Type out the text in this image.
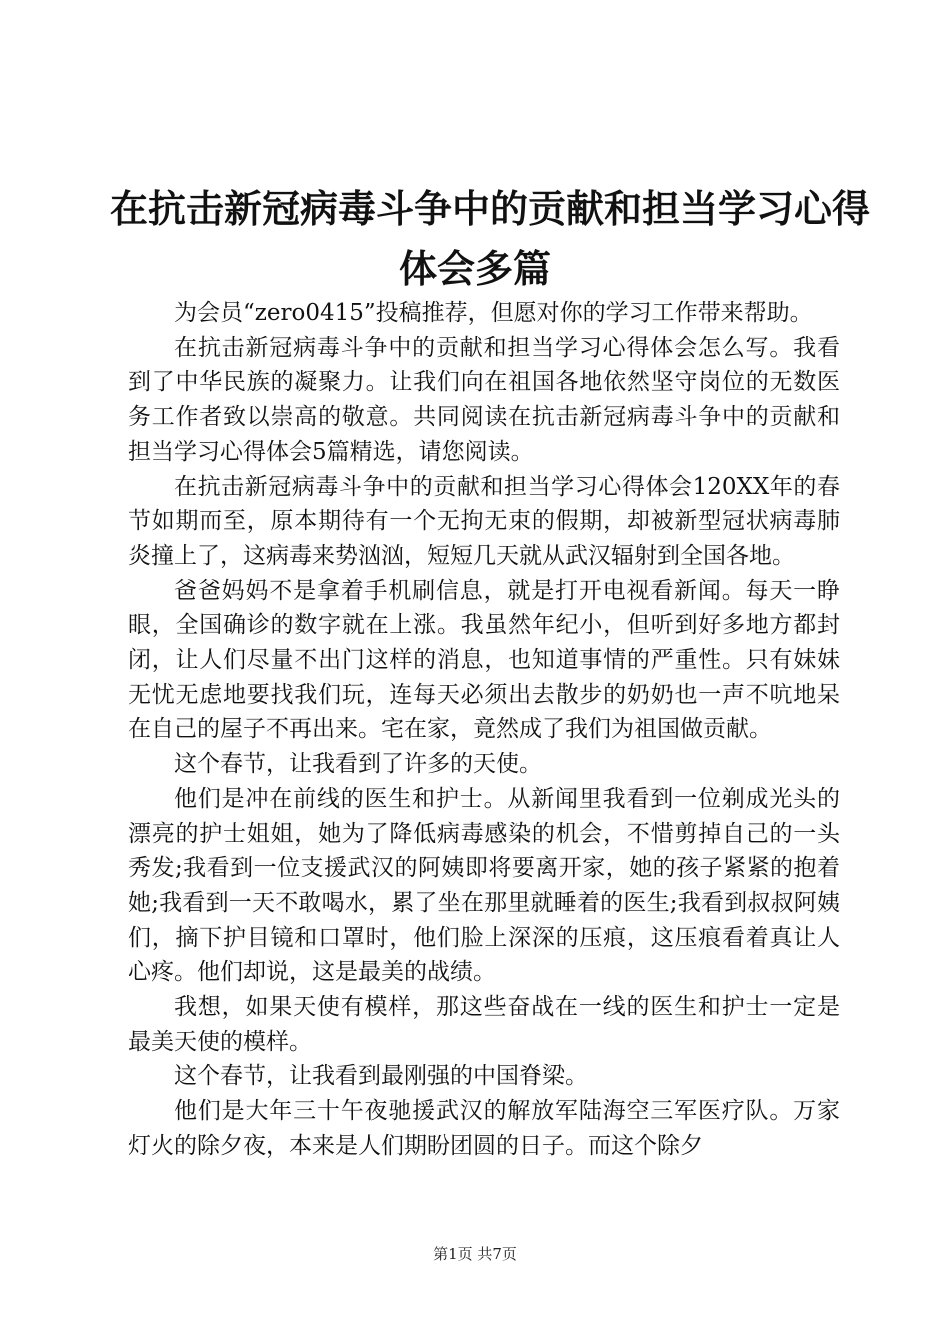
在抗击新冠病毒斗争中的贡献和担当学习心得
体会多篇

为会员“zero0415”投稿推荐，但愿对你的学习工作带来帮助。

在抗击新冠病毒斗争中的贡献和担当学习心得体会怎么写。我看到了中华民族的凝聚力。让我们向在祖国各地依然坚守岗位的无数医务工作者致以崇高的敬意。共同阅读在抗击新冠病毒斗争中的贡献和担当学习心得体会5篇精选，请您阅读。

在抗击新冠病毒斗争中的贡献和担当学习心得体会120XX年的春节如期而至，原本期待有一个无拘无束的假期，却被新型冠状病毒肺炎撞上了，这病毒来势汹汹，短短几天就从武汉辐射到全国各地。

爸爸妈妈不是拿着手机刷信息，就是打开电视看新闻。每天一睁眼，全国确诊的数字就在上涨。我虽然年纪小，但听到好多地方都封闭，让人们尽量不出门这样的消息，也知道事情的严重性。只有妹妹无忧无虑地要找我们玩，连每天必须出去散步的奶奶也一声不吭地呆在自己的屋子不再出来。宅在家，竟然成了我们为祖国做贡献。

这个春节，让我看到了许多的天使。

他们是冲在前线的医生和护士。从新闻里我看到一位剃成光头的漂亮的护士姐姐，她为了降低病毒感染的机会，不惜剪掉自己的一头秀发;我看到一位支援武汉的阿姨即将要离开家，她的孩子紧紧的抱着她;我看到一天不敢喝水，累了坐在那里就睡着的医生;我看到叔叔阿姨们，摘下护目镜和口罩时，他们脸上深深的压痕，这压痕看着真让人心疼。他们却说，这是最美的战绩。

我想，如果天使有模样，那这些奋战在一线的医生和护士一定是最美天使的模样。

这个春节，让我看到最刚强的中国脊梁。

他们是大年三十午夜驰援武汉的解放军陆海空三军医疗队。万家灯火的除夕夜，本来是人们期盼团圆的日子。而这个除夕

第1页 共7页
